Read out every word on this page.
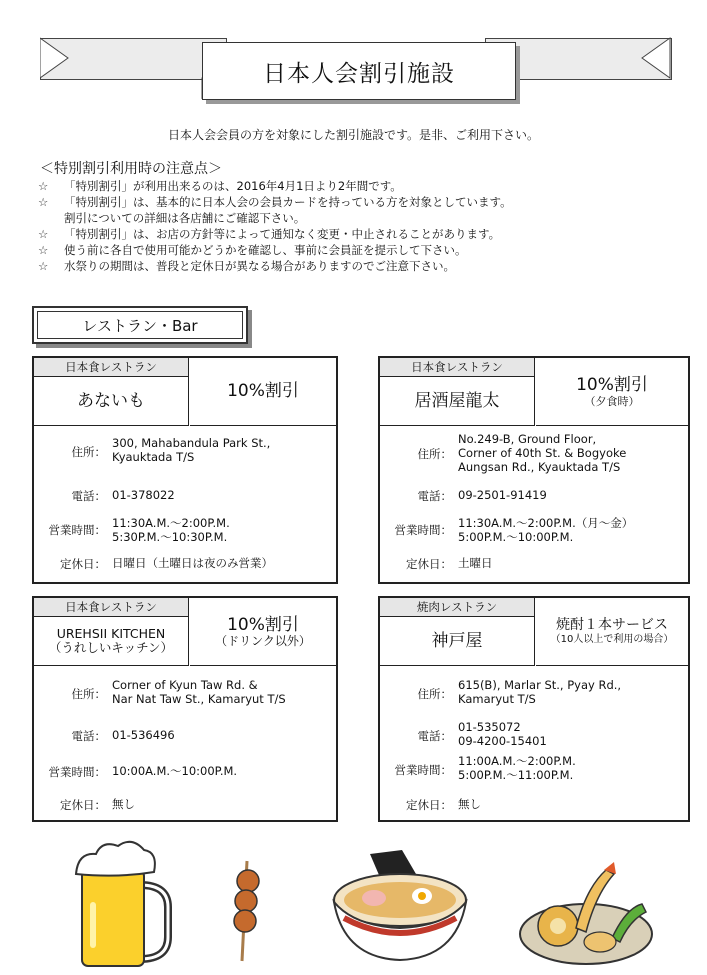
日本人会割引施設
日本人会会員の方を対象にした割引施設です。是非、ご利用下さい。
＜特別割引利用時の注意点＞
☆ 「特別割引」が利用出来るのは、2016年4月1日より2年間です。
☆ 「特別割引」は、基本的に日本人会の会員カードを持っている方を対象としています。
割引についての詳細は各店舗にご確認下さい。
☆ 「特別割引」は、お店の方針等によって通知なく変更・中止されることがあります。
☆ 使う前に各自で使用可能かどうかを確認し、事前に会員証を提示して下さい。
☆ 水祭りの期間は、普段と定休日が異なる場合がありますのでご注意下さい。
レストラン・Bar
日本食レストラン
あないも	10%割引
住所：
300, Mahabandula Park St.,
Kyauktada T/S
電話： 01-378022
営業時間： 11:30A.M.～2:00P.M.
5:30P.M.～10:30P.M.
定休日： 日曜日（土曜日は夜のみ営業）
日本食レストラン
居酒屋龍太
10%割引
（夕食時）
住所：
No.249-B, Ground Floor,
Corner of 40th St. & Bogyoke
Aungsan Rd., Kyauktada T/S
電話： 09-2501-91419
営業時間： 11:30A.M.～2:00P.M.（月～金）
5:00P.M.～10:00P.M.
定休日： 土曜日
日本食レストラン
UREHSII KITCHEN
（うれしいキッチン）
10%割引
（ドリンク以外）
住所：
Corner of Kyun Taw Rd. &
Nar Nat Taw St., Kamaryut T/S
電話： 01-536496
営業時間： 10:00A.M.～10:00P.M.
定休日： 無し
焼肉レストラン
神戸屋
焼酎１本サービス
（10人以上で利用の場合）
住所：
615(B), Marlar St., Pyay Rd.,
Kamaryut T/S
電話：
01-535072
09-4200-15401
営業時間：
11:00A.M.～2:00P.M.
5:00P.M.～11:00P.M.
定休日： 無し
